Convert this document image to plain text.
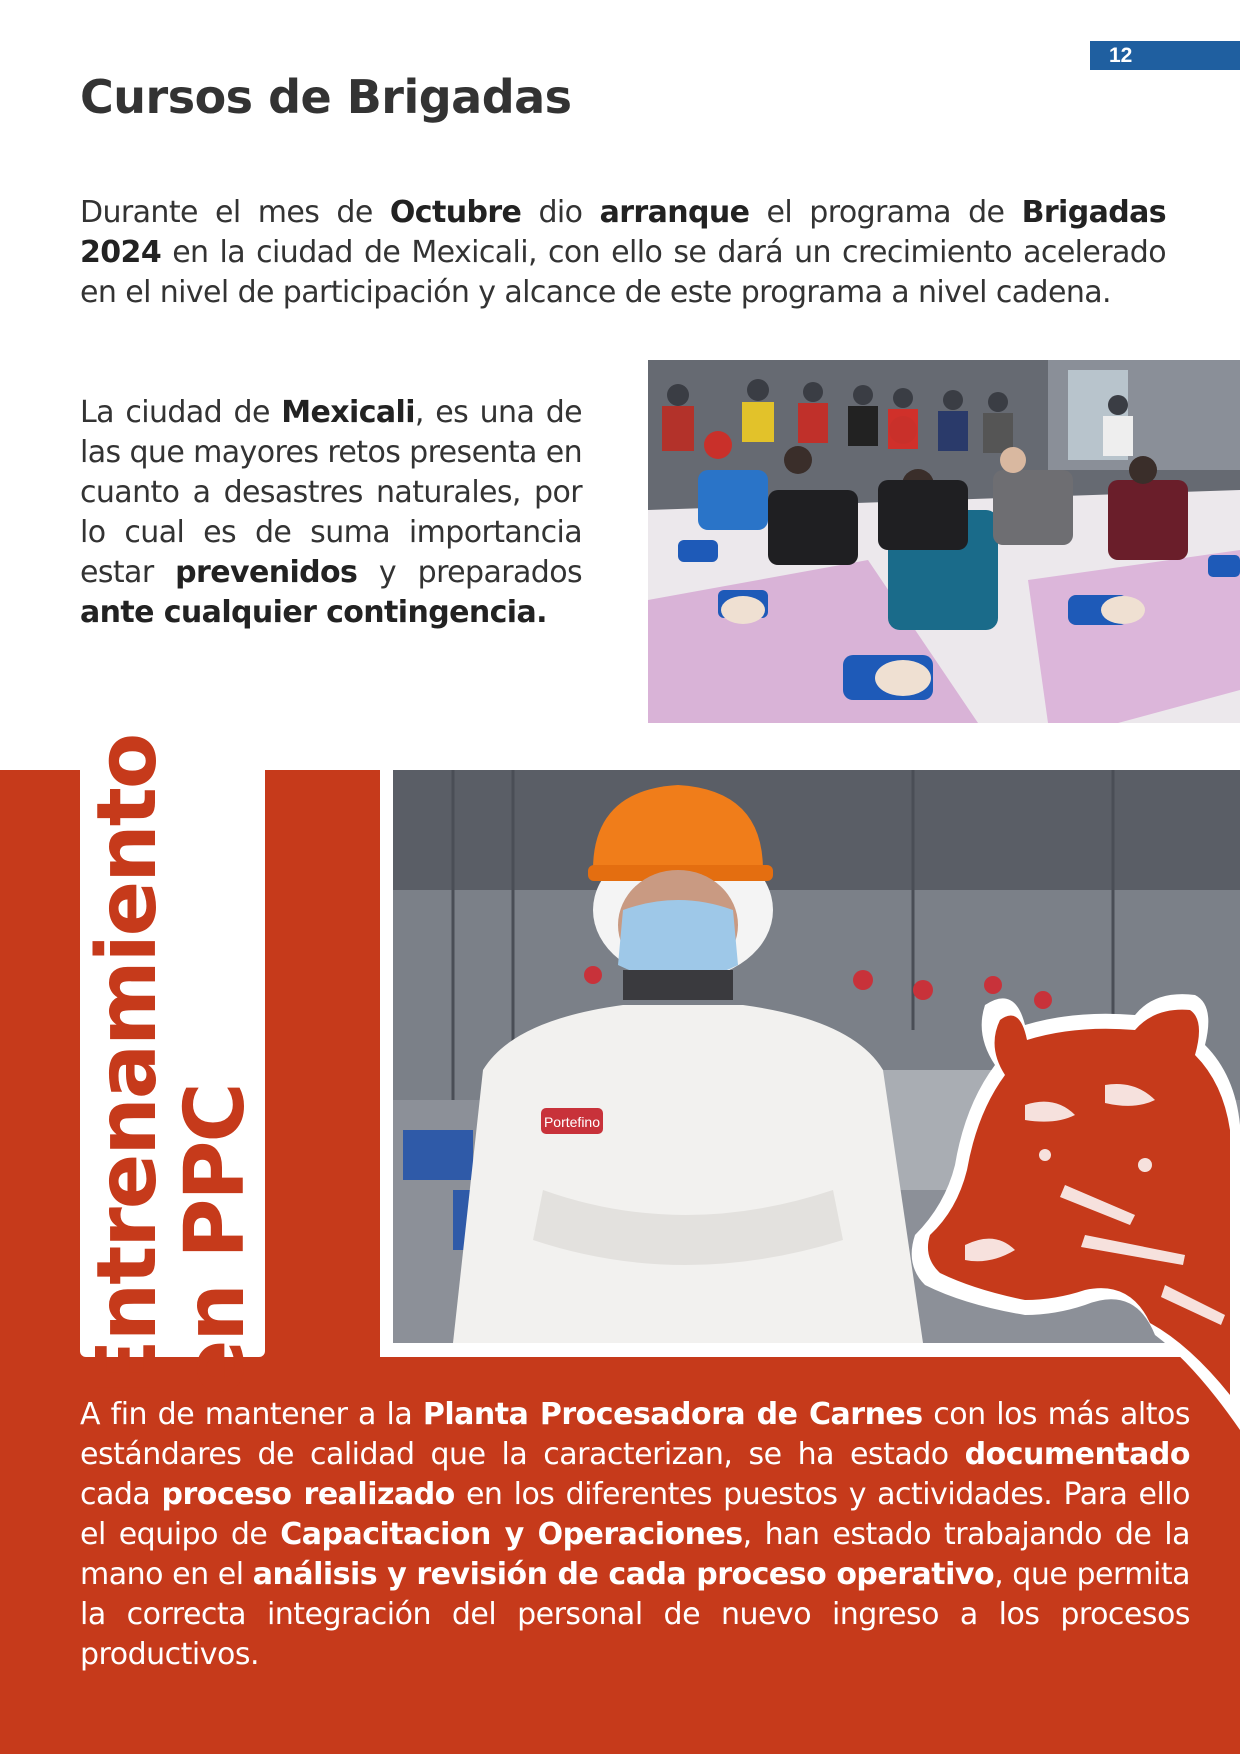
12
Cursos de Brigadas

Durante el mes de Octubre dio arranque el programa de Brigadas 2024 en la ciudad de Mexicali, con ello se dará un crecimiento acelerado en el nivel de participación y alcance de este programa a nivel cadena.

La ciudad de Mexicali, es una de las que mayores retos presenta en cuanto a desastres naturales, por lo cual es de suma importancia estar prevenidos y preparados ante cualquier contingencia.

Entrenamiento
en PPC	Portefino

A fin de mantener a la Planta Procesadora de Carnes con los más altos estándares de calidad que la caracterizan, se ha estado documentado cada proceso realizado en los diferentes puestos y actividades. Para ello el equipo de Capacitacion y Operaciones, han estado trabajando de la mano en el análisis y revisión de cada proceso operativo, que permita la correcta integración del personal de nuevo ingreso a los procesos productivos.
